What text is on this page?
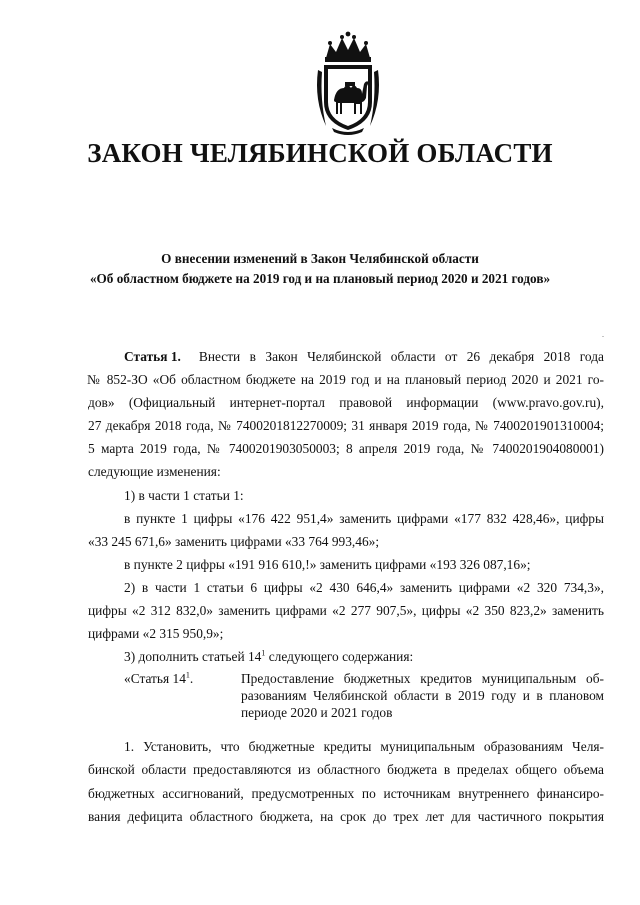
ЗАКОН ЧЕЛЯБИНСКОЙ ОБЛАСТИ
О внесении изменений в Закон Челябинской области
«Об областном бюджете на 2019 год и на плановый период 2020 и 2021 годов»
.
Статья 1. Внести в Закон Челябинской области от 26 декабря 2018 года
№ 852-ЗО «Об областном бюджете на 2019 год и на плановый период 2020 и 2021 го-
дов» (Официальный интернет-портал правовой информации (www.pravo.gov.ru),
27 декабря 2018 года, № 7400201812270009; 31 января 2019 года, № 7400201901310004;
5 марта 2019 года, № 7400201903050003; 8 апреля 2019 года, № 7400201904080001)
следующие изменения:
1) в части 1 статьи 1:
в пункте 1 цифры «176 422 951,4» заменить цифрами «177 832 428,46», цифры
«33 245 671,6» заменить цифрами «33 764 993,46»;
в пункте 2 цифры «191 916 610,!» заменить цифрами «193 326 087,16»;
2) в части 1 статьи 6 цифры «2 430 646,4» заменить цифрами «2 320 734,3»,
цифры «2 312 832,0» заменить цифрами «2 277 907,5», цифры «2 350 823,2» заменить
цифрами «2 315 950,9»;
3) дополнить статьей $14^1$ следующего содержания:
«Статья $14^1$.	Предоставление бюджетных кредитов муниципальным об-
разованиям Челябинской области в 2019 году и в плановом
периоде 2020 и 2021 годов
1. Установить, что бюджетные кредиты муниципальным образованиям Челя-
бинской области предоставляются из областного бюджета в пределах общего объема
бюджетных ассигнований, предусмотренных по источникам внутреннего финансиро-
вания дефицита областного бюджета, на срок до трех лет для частичного покрытия
